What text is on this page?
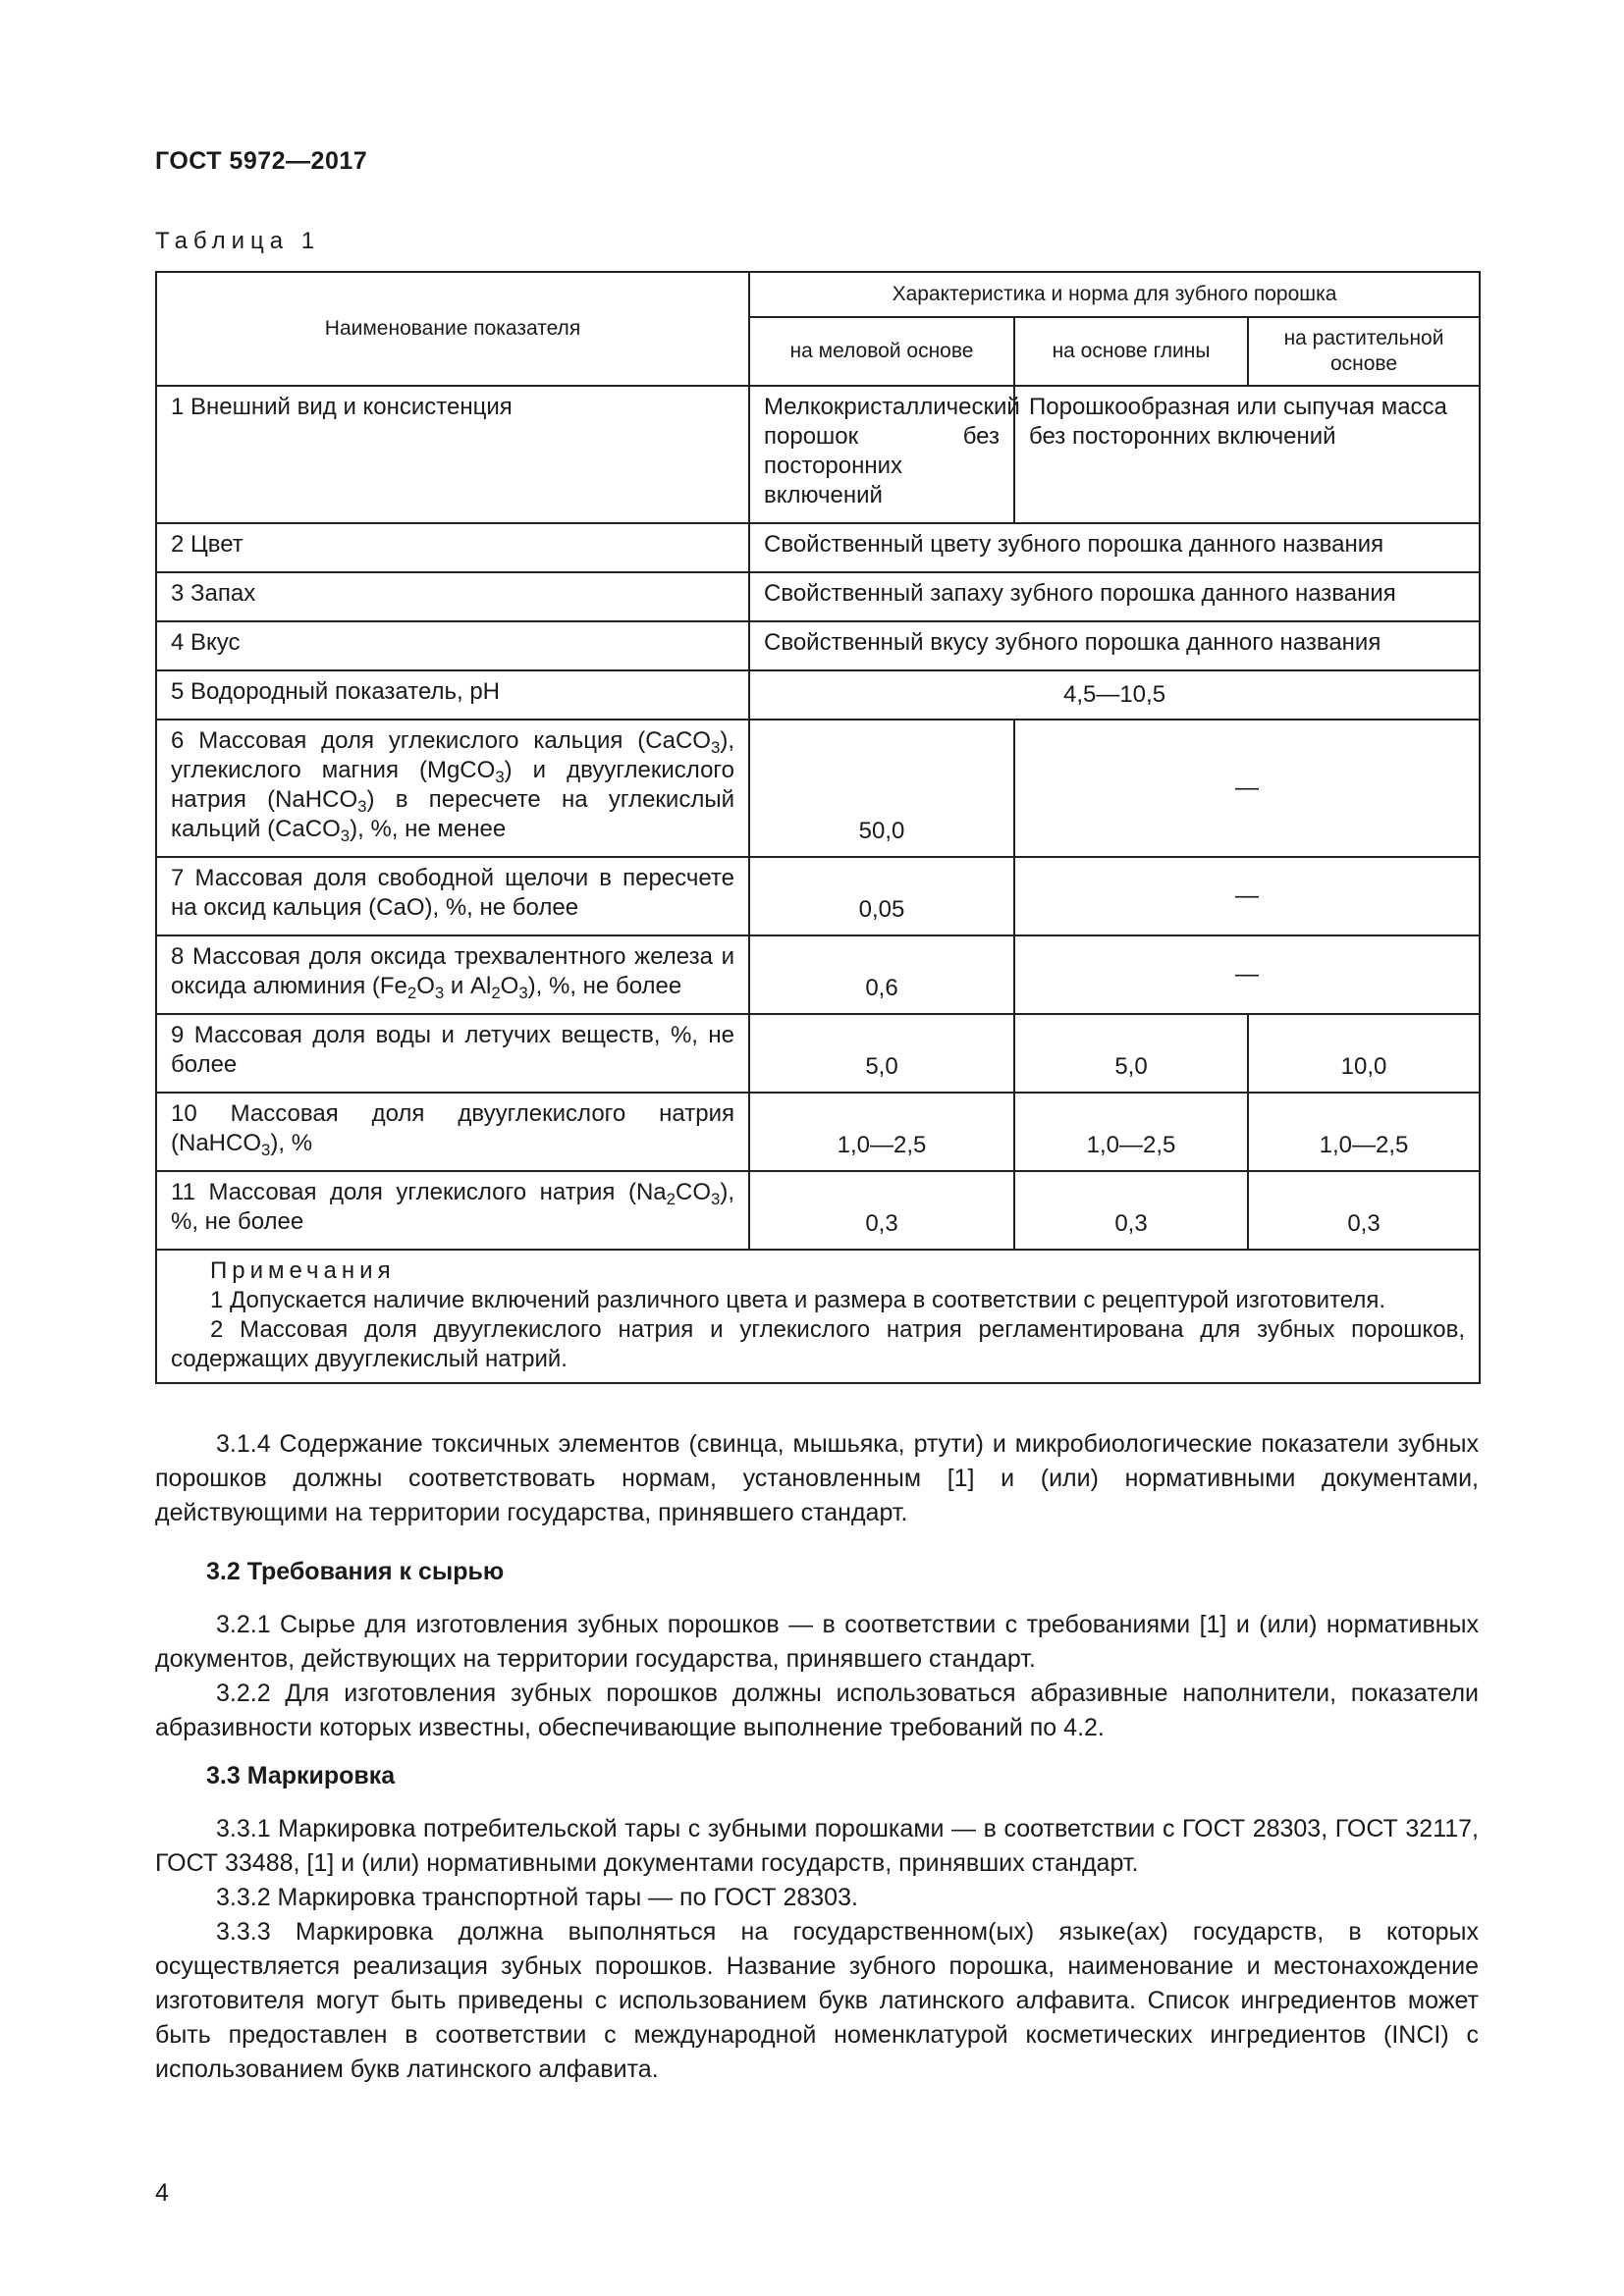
ГОСТ 5972—2017
Таблица 1
Наименование показателя	Характеристика и норма для зубного порошка		
	на меловой основе	на основе глины	на растительной основе
1 Внешний вид и консистенция	Мелкокристаллический порошок без посторонних включений	Порошкообразная или сыпучая масса без посторонних включений	
2 Цвет	Свойственный цвету зубного порошка данного названия		
3 Запах	Свойственный запаху зубного порошка данного названия		
4 Вкус	Свойственный вкусу зубного порошка данного названия		
5 Водородный показатель, pH	4,5—10,5		
6 Массовая доля углекислого кальция (CaCO$_3$), углекислого магния (MgCO$_3$) и двууглекислого натрия (NaHCO$_3$) в пересчете на углекислый кальций (CaCO$_3$), %, не менее	50,0	—	
7 Массовая доля свободной щелочи в пересчете на оксид кальция (CaO), %, не более	0,05	—	
8 Массовая доля оксида трехвалентного железа и оксида алюминия ($Fe_2O_3$ и $Al_2O_3$), %, не более	0,6	—	
9 Массовая доля воды и летучих веществ, %, не более	5,0	5,0	10,0
10 Массовая доля двууглекислого натрия (NaHCO$_3$), %	1,0—2,5	1,0—2,5	1,0—2,5
11 Массовая доля углекислого натрия $(Na_2CO_3)$, %, не более	0,3	0,3	0,3

Примечания
1 Допускается наличие включений различного цвета и размера в соответствии с рецептурой изготовителя.
2 Массовая доля двууглекислого натрия и углекислого натрия регламентирована для зубных порошков, содержащих двууглекислый натрий.			

3.1.4 Содержание токсичных элементов (свинца, мышьяка, ртути) и микробиологические показатели зубных порошков должны соответствовать нормам, установленным [1] и (или) нормативными документами, действующими на территории государства, принявшего стандарт.

3.2 Требования к сырью

3.2.1 Сырье для изготовления зубных порошков — в соответствии с требованиями [1] и (или) нормативных документов, действующих на территории государства, принявшего стандарт.

3.2.2 Для изготовления зубных порошков должны использоваться абразивные наполнители, показатели абразивности которых известны, обеспечивающие выполнение требований по 4.2.

3.3 Маркировка

3.3.1 Маркировка потребительской тары с зубными порошками — в соответствии с ГОСТ 28303, ГОСТ 32117, ГОСТ 33488, [1] и (или) нормативными документами государств, принявших стандарт.

3.3.2 Маркировка транспортной тары — по ГОСТ 28303.

3.3.3 Маркировка должна выполняться на государственном(ых) языке(ах) государств, в которых осуществляется реализация зубных порошков. Название зубного порошка, наименование и местонахождение изготовителя могут быть приведены с использованием букв латинского алфавита. Список ингредиентов может быть предоставлен в соответствии с международной номенклатурой косметических ингредиентов (INCI) с использованием букв латинского алфавита.

4
